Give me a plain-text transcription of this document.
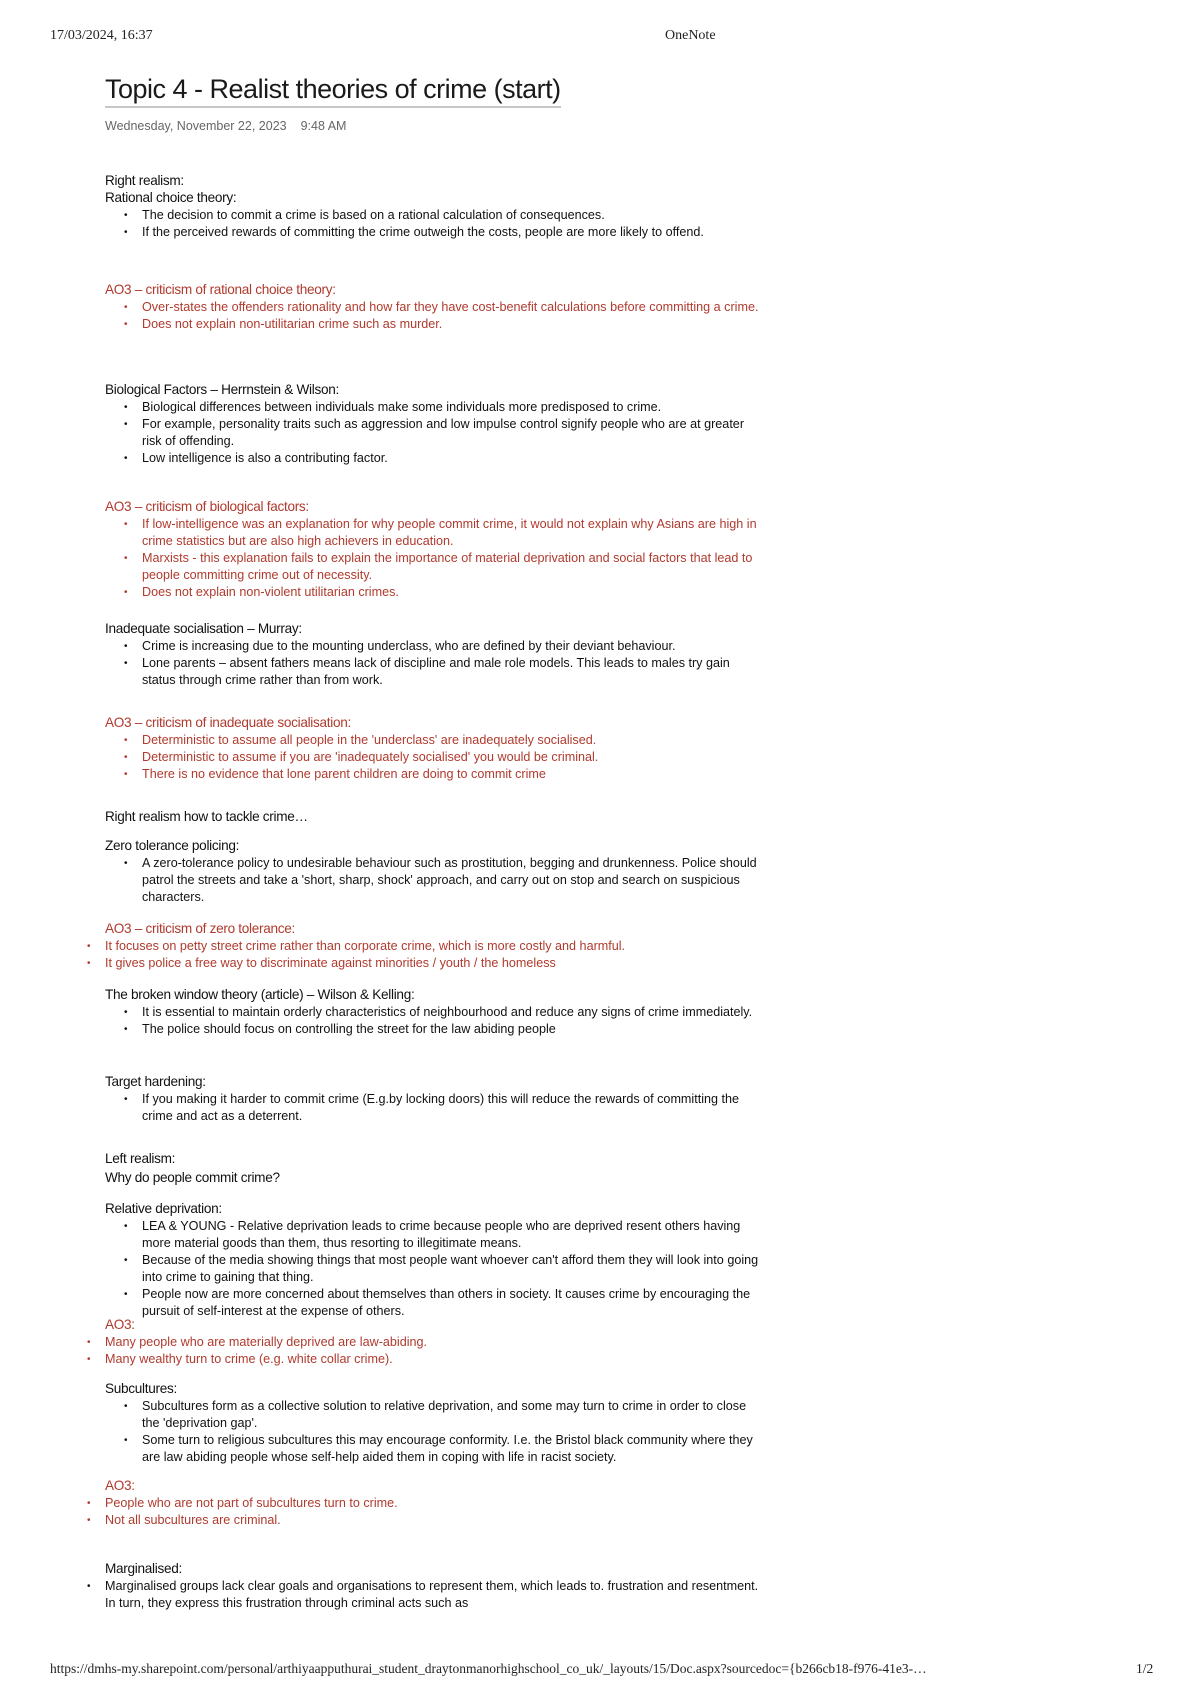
17/03/2024, 16:37	OneNote
Topic 4 - Realist theories of crime (start)
Wednesday, November 22, 2023 9:48 AM
Right realism:
Rational choice theory:
• The decision to commit a crime is based on a rational calculation of consequences.
• If the perceived rewards of committing the crime outweigh the costs, people are more likely to offend.
AO3 – criticism of rational choice theory:
• Over-states the offenders rationality and how far they have cost-benefit calculations before committing a crime.
• Does not explain non-utilitarian crime such as murder.
Biological Factors – Herrnstein & Wilson:
• Biological differences between individuals make some individuals more predisposed to crime.
• For example, personality traits such as aggression and low impulse control signify people who are at greater risk of offending.
• Low intelligence is also a contributing factor.
AO3 – criticism of biological factors:
• If low-intelligence was an explanation for why people commit crime, it would not explain why Asians are high in crime statistics but are also high achievers in education.
• Marxists - this explanation fails to explain the importance of material deprivation and social factors that lead to people committing crime out of necessity.
• Does not explain non-violent utilitarian crimes.
Inadequate socialisation – Murray:
• Crime is increasing due to the mounting underclass, who are defined by their deviant behaviour.
• Lone parents – absent fathers means lack of discipline and male role models. This leads to males try gain status through crime rather than from work.
AO3 – criticism of inadequate socialisation:
• Deterministic to assume all people in the 'underclass' are inadequately socialised.
• Deterministic to assume if you are 'inadequately socialised' you would be criminal.
• There is no evidence that lone parent children are doing to commit crime
Right realism how to tackle crime…
Zero tolerance policing:
• A zero-tolerance policy to undesirable behaviour such as prostitution, begging and drunkenness. Police should patrol the streets and take a 'short, sharp, shock' approach, and carry out on stop and search on suspicious characters.
AO3 – criticism of zero tolerance:
• It focuses on petty street crime rather than corporate crime, which is more costly and harmful.
• It gives police a free way to discriminate against minorities / youth / the homeless
The broken window theory (article) – Wilson & Kelling:
• It is essential to maintain orderly characteristics of neighbourhood and reduce any signs of crime immediately.
• The police should focus on controlling the street for the law abiding people
Target hardening:
• If you making it harder to commit crime (E.g.by locking doors) this will reduce the rewards of committing the crime and act as a deterrent.
Left realism:
Why do people commit crime?
Relative deprivation:
• LEA & YOUNG - Relative deprivation leads to crime because people who are deprived resent others having more material goods than them, thus resorting to illegitimate means.
• Because of the media showing things that most people want whoever can't afford them they will look into going into crime to gaining that thing.
• People now are more concerned about themselves than others in society. It causes crime by encouraging the pursuit of self-interest at the expense of others.
AO3:
• Many people who are materially deprived are law-abiding.
• Many wealthy turn to crime (e.g. white collar crime).
Subcultures:
• Subcultures form as a collective solution to relative deprivation, and some may turn to crime in order to close the 'deprivation gap'.
• Some turn to religious subcultures this may encourage conformity. I.e. the Bristol black community where they are law abiding people whose self-help aided them in coping with life in racist society.
AO3:
• People who are not part of subcultures turn to crime.
• Not all subcultures are criminal.
Marginalised:
• Marginalised groups lack clear goals and organisations to represent them, which leads to. frustration and resentment. In turn, they express this frustration through criminal acts such as
https://dmhs-my.sharepoint.com/personal/arthiyaapputhurai_student_draytonmanorhighschool_co_uk/_layouts/15/Doc.aspx?sourcedoc={b266cb18-f976-41e3-…	1/2
